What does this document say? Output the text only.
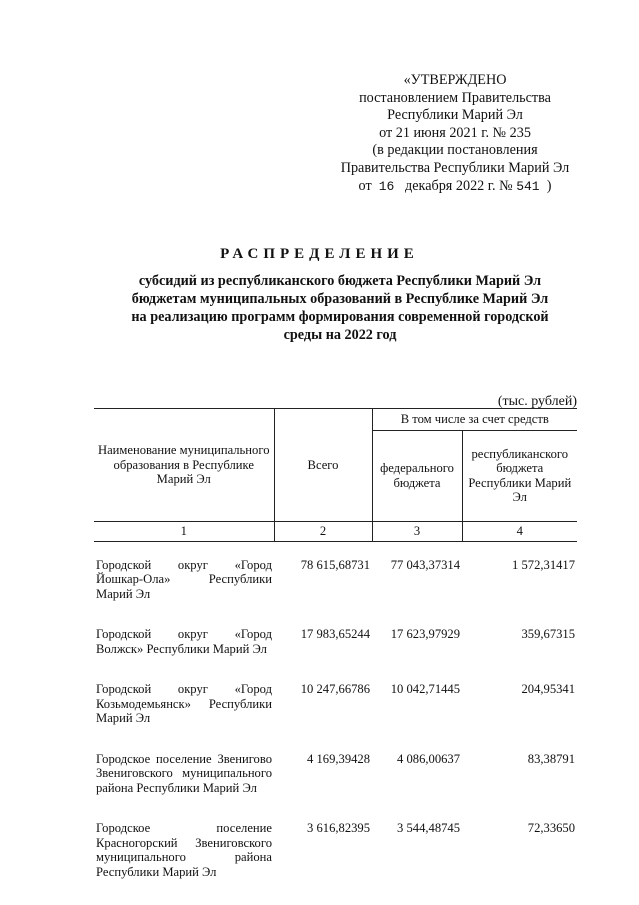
«УТВЕРЖДЕНО
постановлением Правительства
Республики Марий Эл
от 21 июня 2021 г. № 235
(в редакции постановления
Правительства Республики Марий Эл
от 16 декабря 2022 г. № 541 )
РАСПРЕДЕЛЕНИЕ
субсидий из республиканского бюджета Республики Марий Эл
бюджетам муниципальных образований в Республике Марий Эл
на реализацию программ формирования современной городской
среды на 2022 год
(тыс. рублей)
Наименование муниципального образования в Республике Марий Эл	Всего	В том числе за счет средств	
		федерального бюджета	республиканского бюджета Республики Марий Эл
1	2	3	4

Городской округ «Город Йошкар-Ола» Республики Марий Эл	78 615,68731	77 043,37314	1 572,31417

Городской округ «Город Волжск» Республики Марий Эл	17 983,65244	17 623,97929	359,67315

Городской округ «Город Козьмодемьянск» Республики Марий Эл	10 247,66786	10 042,71445	204,95341

Городское поселение Звенигово Звениговского муниципального района Республики Марий Эл	4 169,39428	4 086,00637	83,38791

Городское поселение Красногорский Звениговского муниципального района Республики Марий Эл	3 616,82395	3 544,48745	72,33650
